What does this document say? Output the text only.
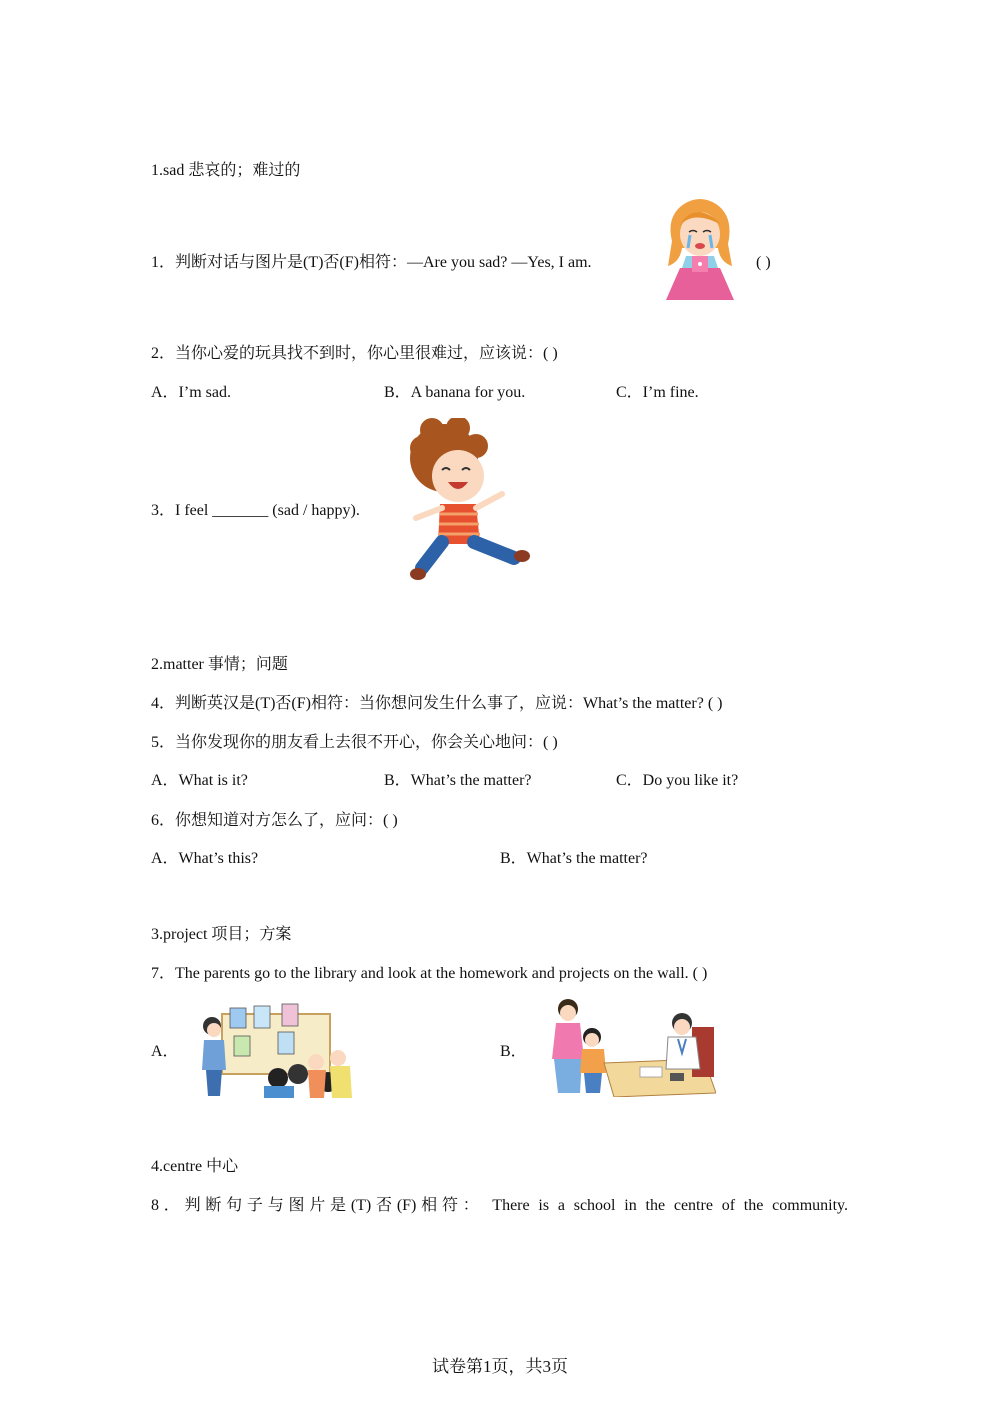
1.sad 悲哀的；难过的
1．判断对话与图片是(T)否(F)相符：—Are you sad? —Yes, I am.	( )
2．当你心爱的玩具找不到时，你心里很难过，应该说：( )
A．I’m sad.	B．A banana for you.	C．I’m fine.
3．I feel _______ (sad / happy).
2.matter 事情；问题
4．判断英汉是(T)否(F)相符：当你想问发生什么事了，应说：What’s the matter? ( )
5．当你发现你的朋友看上去很不开心，你会关心地问：( )
A．What is it?	B．What’s the matter?	C．Do you like it?
6．你想知道对方怎么了，应问：( )
A．What’s this?	B．What’s the matter?
3.project 项目；方案
7．The parents go to the library and look at the homework and projects on the wall. ( )
A．	B．
4.centre 中心
8．判断句子与图片是(T)否(F)相符： There is a school in the centre of the community.
试卷第1页，共3页
